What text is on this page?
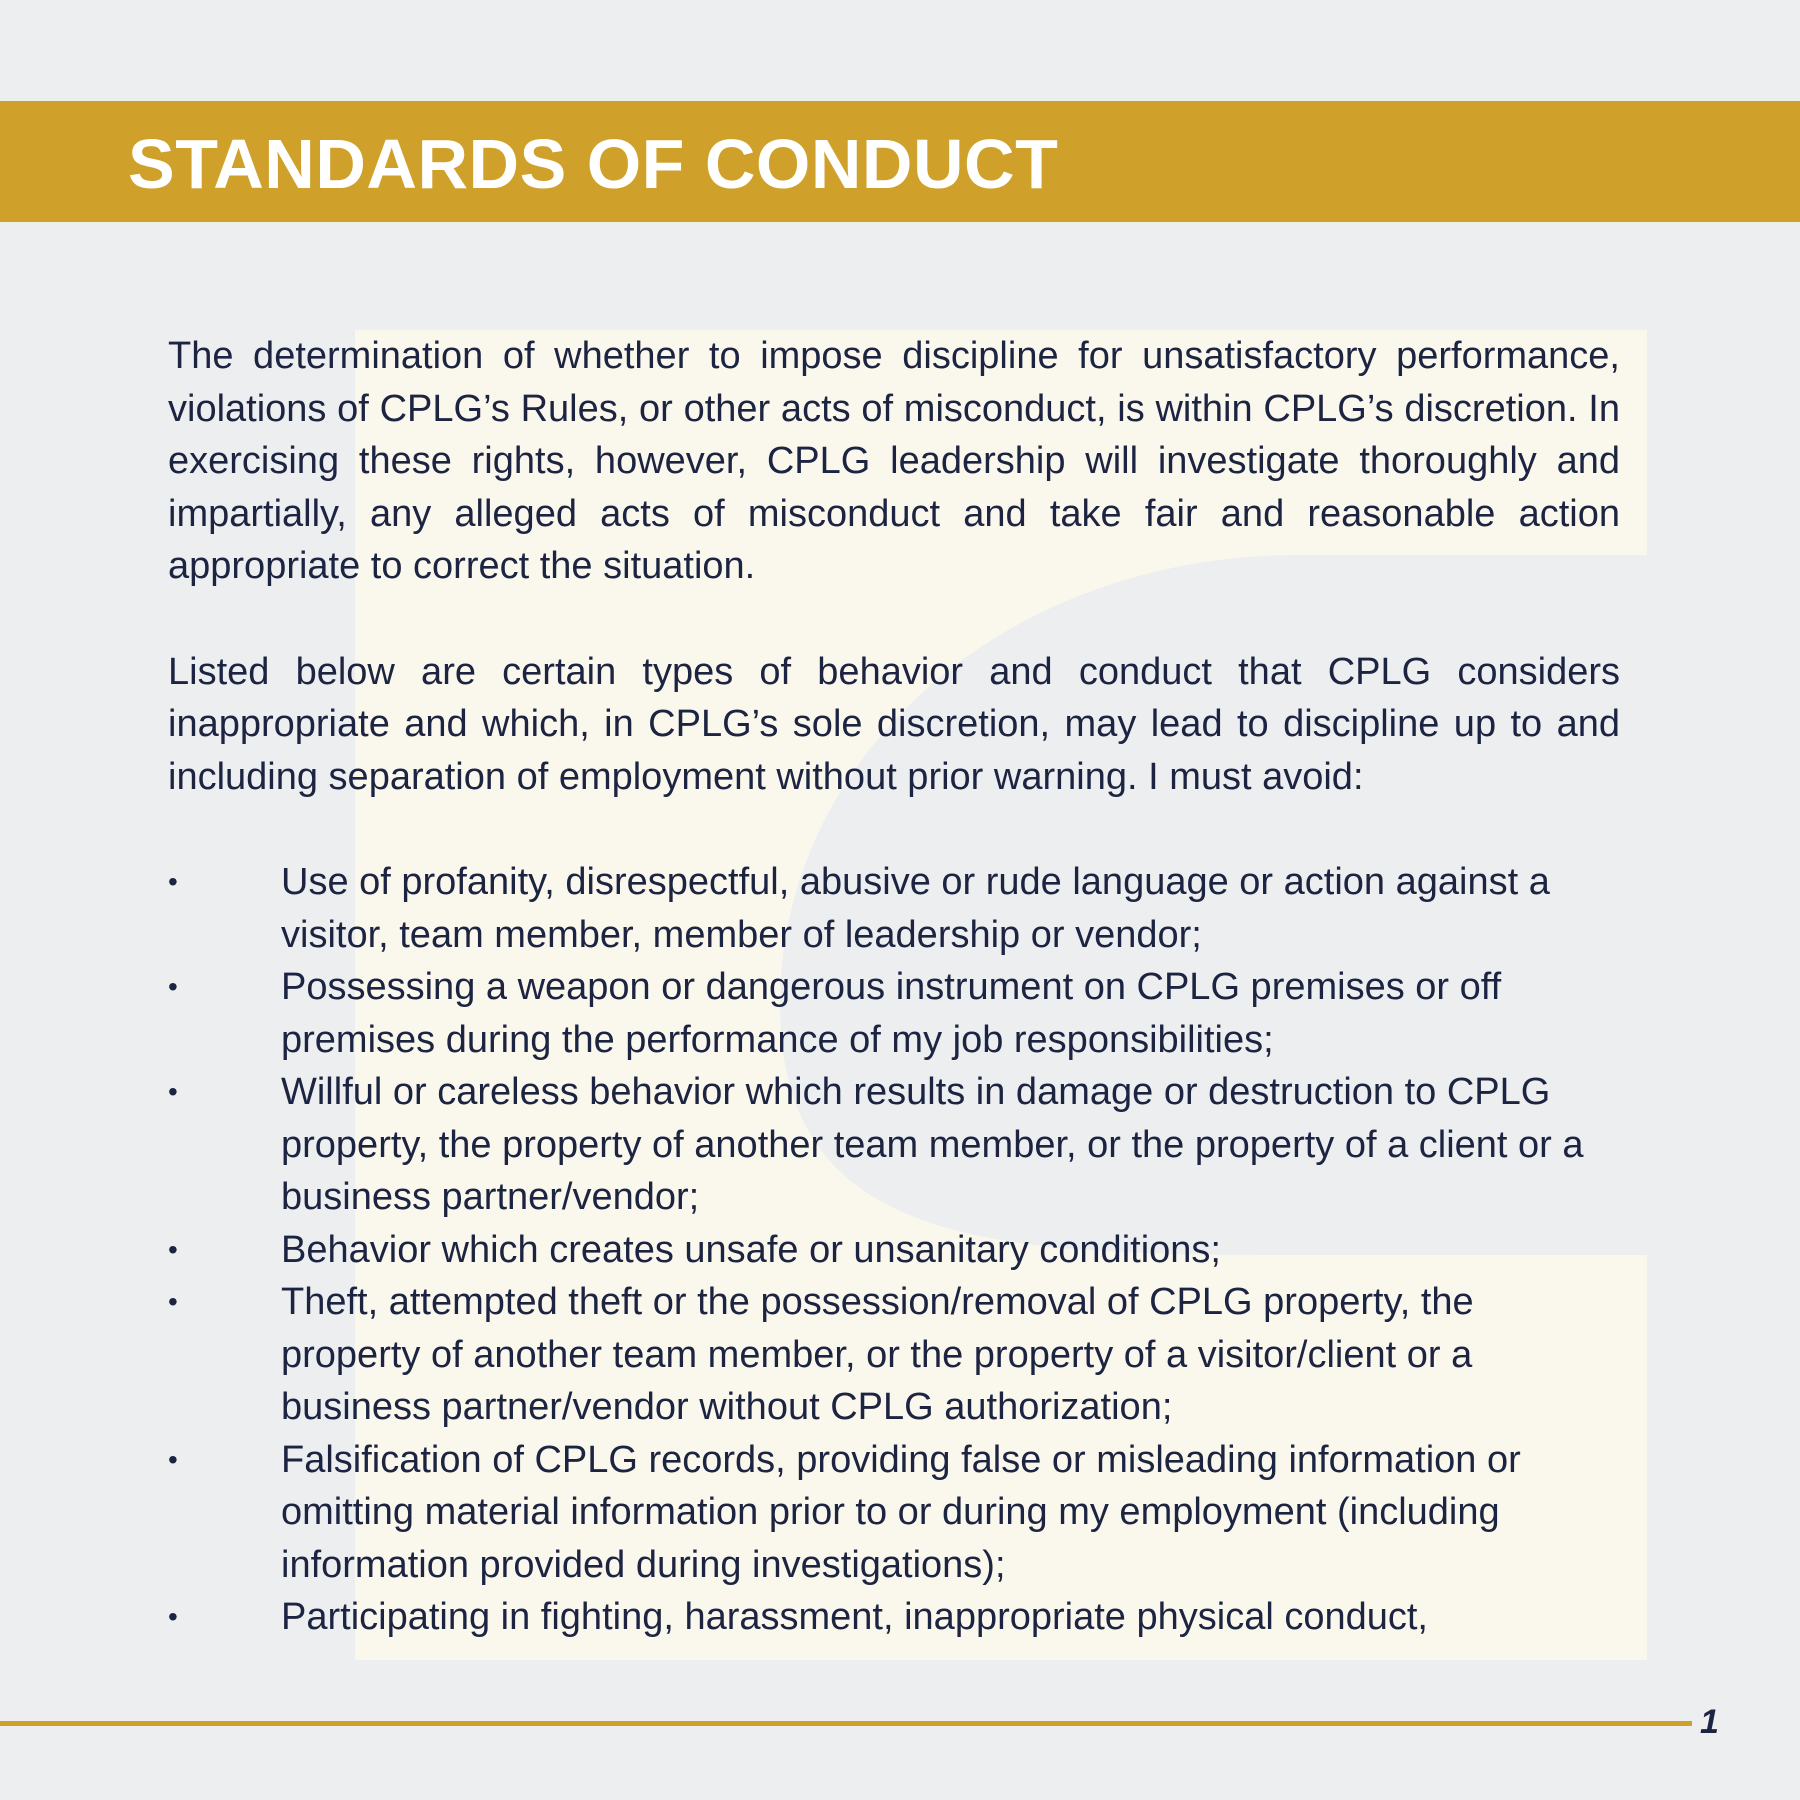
STANDARDS OF CONDUCT

The determination of whether to impose discipline for unsatisfactory performance, violations of CPLG’s Rules, or other acts of misconduct, is within CPLG’s discretion. In exercising these rights, however, CPLG leadership will investigate thoroughly and impartially, any alleged acts of misconduct and take fair and reasonable action appropriate to correct the situation.

Listed below are certain types of behavior and conduct that CPLG considers inappropriate and which, in CPLG’s sole discretion, may lead to discipline up to and including separation of employment without prior warning. I must avoid:

•	Use of profanity, disrespectful, abusive or rude language or action against a visitor, team member, member of leadership or vendor;
•	Possessing a weapon or dangerous instrument on CPLG premises or off premises during the performance of my job responsibilities;
•	Willful or careless behavior which results in damage or destruction to CPLG property, the property of another team member, or the property of a client or a business partner/vendor;
•	Behavior which creates unsafe or unsanitary conditions;
•	Theft, attempted theft or the possession/removal of CPLG property, the property of another team member, or the property of a visitor/client or a business partner/vendor without CPLG authorization;
•	Falsification of CPLG records, providing false or misleading information or omitting material information prior to or during my employment (including information provided during investigations);
•	Participating in fighting, harassment, inappropriate physical conduct,
1
